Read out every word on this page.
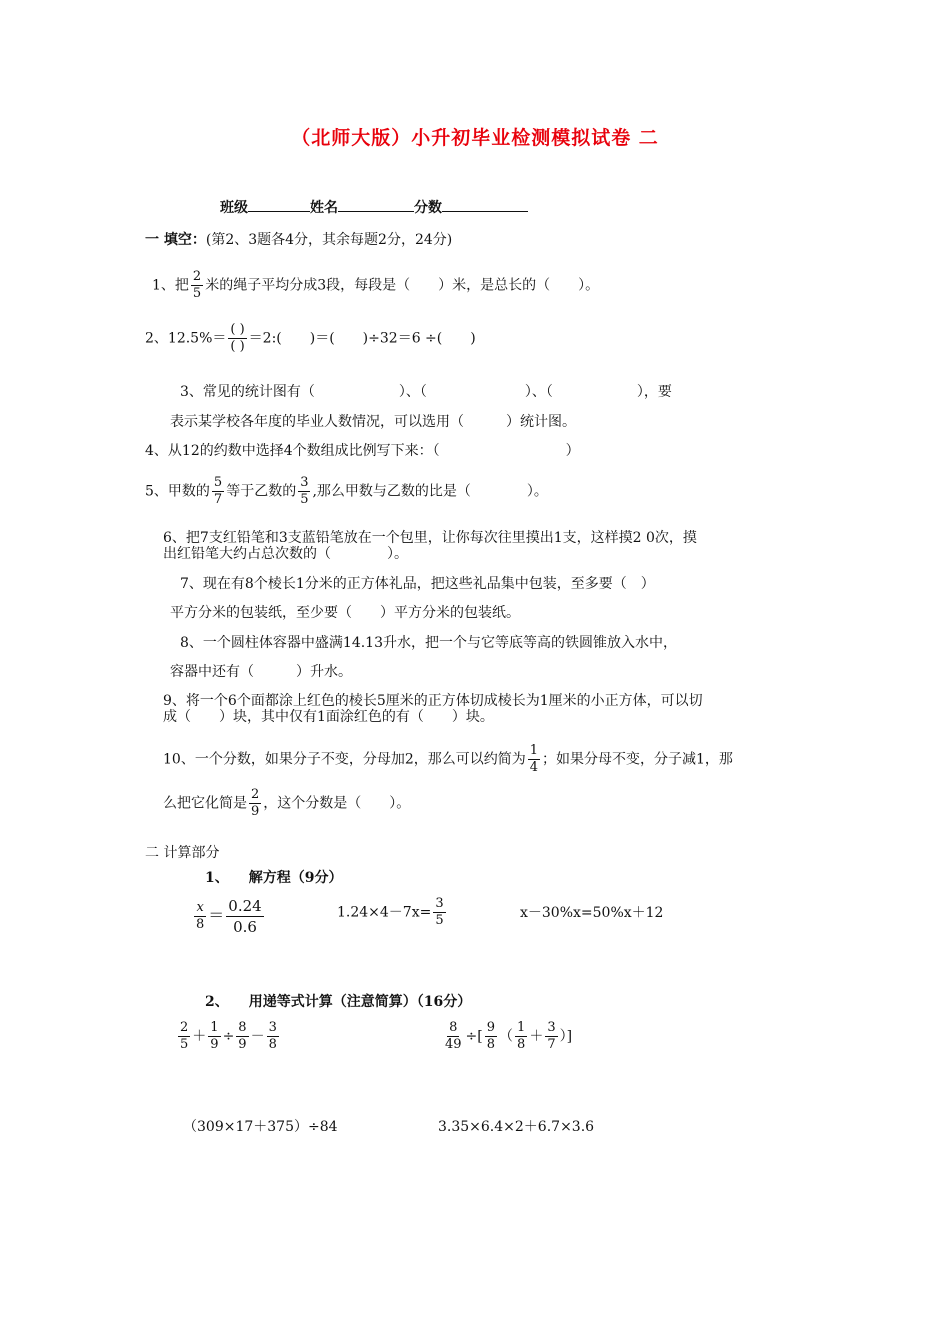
（北师大版）小升初毕业检测模拟试卷 二
班级	姓名	分数
一 填空：(第2、3题各4分，其余每题2分，24分)
1、把 $\frac{2}{5}$ 米的绳子平均分成3段，每段是（　　）米，是总长的（　　）。
2、$12.5\%= \frac{( )}{( )}$ ＝2:(　　)＝(　　)÷32＝6 ÷(　　)
3、常见的统计图有（　　　　　　）、（　　　　　　　）、（　　　　　　），要
表示某学校各年度的毕业人数情况，可以选用（　　　）统计图。
4、从12的约数中选择4个数组成比例写下来：（　　　　　　　　　）
5、甲数的 $\frac{5}{7}$ 等于乙数的 $\frac{3}{5}$ ,那么甲数与乙数的比是（　　　　）。
6、把7支红铅笔和3支蓝铅笔放在一个包里，让你每次往里摸出1支，这样摸2 0次，摸
出红铅笔大约占总次数的（　　　　）。
7、现在有8个棱长1分米的正方体礼品，把这些礼品集中包装，至多要（　）
平方分米的包装纸，至少要（　　）平方分米的包装纸。
8、一个圆柱体容器中盛满14.13升水，把一个与它等底等高的铁圆锥放入水中，
容器中还有（　　　）升水。
9、将一个6个面都涂上红色的棱长5厘米的正方体切成棱长为1厘米的小正方体，可以切
成（　　）块，其中仅有1面涂红色的有（　　）块。
10、一个分数，如果分子不变，分母加2，那么可以约简为 $\frac{1}{4}$ ；如果分母不变，分子减1，那
么把它化简是 $\frac{2}{9}$ ，这个分数是（　　）。
二 计算部分
1、 解方程（9分）
$\frac{x}{8} = \frac{0.24}{0.6}$	$1.24\times 4-7x= \frac{3}{5}$	x－30%x=50%x＋12
2、 用递等式计算（注意简算）（16分）
$\frac{2}{5} + \frac{1}{9} \div \frac{8}{9} - \frac{3}{8}$	$\frac{8}{49}$ ÷[ $\frac{9}{8}$ （ $\frac{1}{8} + \frac{3}{7}$ ）]
（309×17＋375）÷84	3.35×6.4×2＋6.7×3.6
